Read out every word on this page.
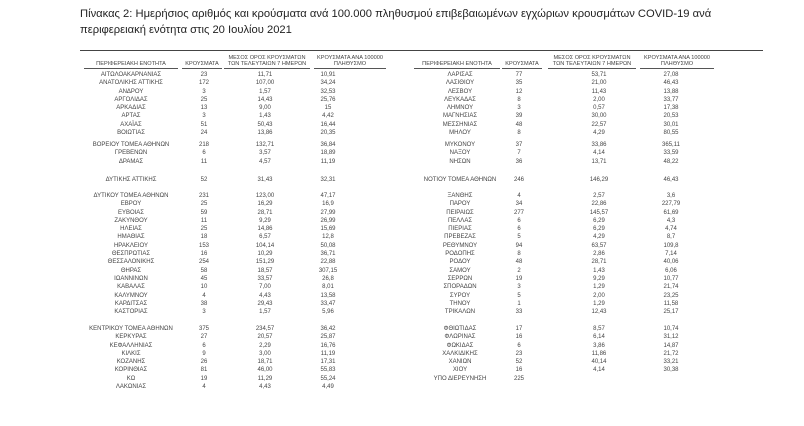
Πίνακας 2: Ημερήσιος αριθμός και κρούσματα ανά 100.000 πληθυσμού επιβεβαιωμένων εγχώριων κρουσμάτων COVID-19 ανά περιφερειακή ενότητα στις 20 Ιουλίου 2021
ΠΕΡΙΦΕΡΕΙΑΚΗ ΕΝΟΤΗΤΑ	ΚΡΟΥΣΜΑΤΑ
ΜΕΣΟΣ ΟΡΟΣ ΚΡΟΥΣΜΑΤΩΝ ΤΩΝ ΤΕΛΕΥΤΑΙΩΝ 7 ΗΜΕΡΩΝ
ΚΡΟΥΣΜΑΤΑ ΑΝΑ 100000 ΠΛΗΘΥΣΜΟ	ΠΕΡΙΦΕΡΕΙΑΚΗ ΕΝΟΤΗΤΑ	ΚΡΟΥΣΜΑΤΑ
ΜΕΣΟΣ ΟΡΟΣ ΚΡΟΥΣΜΑΤΩΝ ΤΩΝ ΤΕΛΕΥΤΑΙΩΝ 7 ΗΜΕΡΩΝ
ΚΡΟΥΣΜΑΤΑ ΑΝΑ 100000 ΠΛΗΘΥΣΜΟ
ΑΙΤΩΛΟΑΚΑΡΝΑΝΙΑΣ	23	11,71	10,91	ΛΑΡΙΣΑΣ	77	53,71	27,08
ΑΝΑΤΟΛΙΚΗΣ ΑΤΤΙΚΗΣ	172	107,00	34,24	ΛΑΣΙΘΙΟΥ	35	21,00	46,43
ΑΝΔΡΟΥ	3	1,57	32,53	ΛΕΣΒΟΥ	12	11,43	13,88
ΑΡΓΟΛΙΔΑΣ	25	14,43	25,76	ΛΕΥΚΑΔΑΣ	8	2,00	33,77
ΑΡΚΑΔΙΑΣ	13	9,00	15	ΛΗΜΝΟΥ	3	0,57	17,38
ΑΡΤΑΣ	3	1,43	4,42	ΜΑΓΝΗΣΙΑΣ	39	30,00	20,53
ΑΧΑΪΑΣ	51	50,43	16,44	ΜΕΣΣΗΝΙΑΣ	48	22,57	30,01
ΒΟΙΩΤΙΑΣ	24	13,86	20,35	ΜΗΛΟΥ	8	4,29	80,55
ΒΟΡΕΙΟΥ ΤΟΜΕΑ ΑΘΗΝΩΝ	218	132,71	36,84	ΜΥΚΟΝΟΥ	37	33,86	365,11
ΓΡΕΒΕΝΩΝ	6	3,57	18,89	ΝΑΞΟΥ	7	4,14	33,59
ΔΡΑΜΑΣ	11	4,57	11,19	ΝΗΣΩΝ	36	13,71	48,22
ΔΥΤΙΚΗΣ ΑΤΤΙΚΗΣ	52	31,43	32,31	ΝΟΤΙΟΥ ΤΟΜΕΑ ΑΘΗΝΩΝ	246	146,29	46,43
ΔΥΤΙΚΟΥ ΤΟΜΕΑ ΑΘΗΝΩΝ	231	123,00	47,17	ΞΑΝΘΗΣ	4	2,57	3,6
ΕΒΡΟΥ	25	16,29	16,9	ΠΑΡΟΥ	34	22,86	227,79
ΕΥΒΟΙΑΣ	59	28,71	27,99	ΠΕΙΡΑΙΩΣ	277	145,57	61,69
ΖΑΚΥΝΘΟΥ	11	9,29	26,99	ΠΕΛΛΑΣ	6	6,29	4,3
ΗΛΕΙΑΣ	25	14,86	15,69	ΠΙΕΡΙΑΣ	6	6,29	4,74
ΗΜΑΘΙΑΣ	18	6,57	12,8	ΠΡΕΒΕΖΑΣ	5	4,29	8,7
ΗΡΑΚΛΕΙΟΥ	153	104,14	50,08	ΡΕΘΥΜΝΟΥ	94	63,57	109,8
ΘΕΣΠΡΩΤΙΑΣ	16	10,29	36,71	ΡΟΔΟΠΗΣ	8	2,86	7,14
ΘΕΣΣΑΛΟΝΙΚΗΣ	254	151,29	22,88	ΡΟΔΟΥ	48	28,71	40,06
ΘΗΡΑΣ	58	18,57	307,15	ΣΑΜΟΥ	2	1,43	6,06
ΙΩΑΝΝΙΝΩΝ	45	33,57	26,8	ΣΕΡΡΩΝ	19	9,29	10,77
ΚΑΒΑΛΑΣ	10	7,00	8,01	ΣΠΟΡΑΔΩΝ	3	1,29	21,74
ΚΑΛΥΜΝΟΥ	4	4,43	13,58	ΣΥΡΟΥ	5	2,00	23,25
ΚΑΡΔΙΤΣΑΣ	38	29,43	33,47	ΤΗΝΟΥ	1	1,29	11,58
ΚΑΣΤΟΡΙΑΣ	3	1,57	5,96	ΤΡΙΚΑΛΩΝ	33	12,43	25,17
ΚΕΝΤΡΙΚΟΥ ΤΟΜΕΑ ΑΘΗΝΩΝ	375	234,57	36,42	ΦΘΙΩΤΙΔΑΣ	17	8,57	10,74
ΚΕΡΚΥΡΑΣ	27	20,57	25,87	ΦΛΩΡΙΝΑΣ	16	6,14	31,12
ΚΕΦΑΛΛΗΝΙΑΣ	6	2,29	16,76	ΦΩΚΙΔΑΣ	6	3,86	14,87
ΚΙΛΚΙΣ	9	3,00	11,19	ΧΑΛΚΙΔΙΚΗΣ	23	11,86	21,72
ΚΟΖΑΝΗΣ	26	18,71	17,31	ΧΑΝΙΩΝ	52	40,14	33,21
ΚΟΡΙΝΘΙΑΣ	81	46,00	55,83	ΧΙΟΥ	16	4,14	30,38
ΚΩ	19	11,29	55,24	ΥΠΟ ΔΙΕΡΕΥΝΗΣΗ	225
ΛΑΚΩΝΙΑΣ	4	4,43	4,49
